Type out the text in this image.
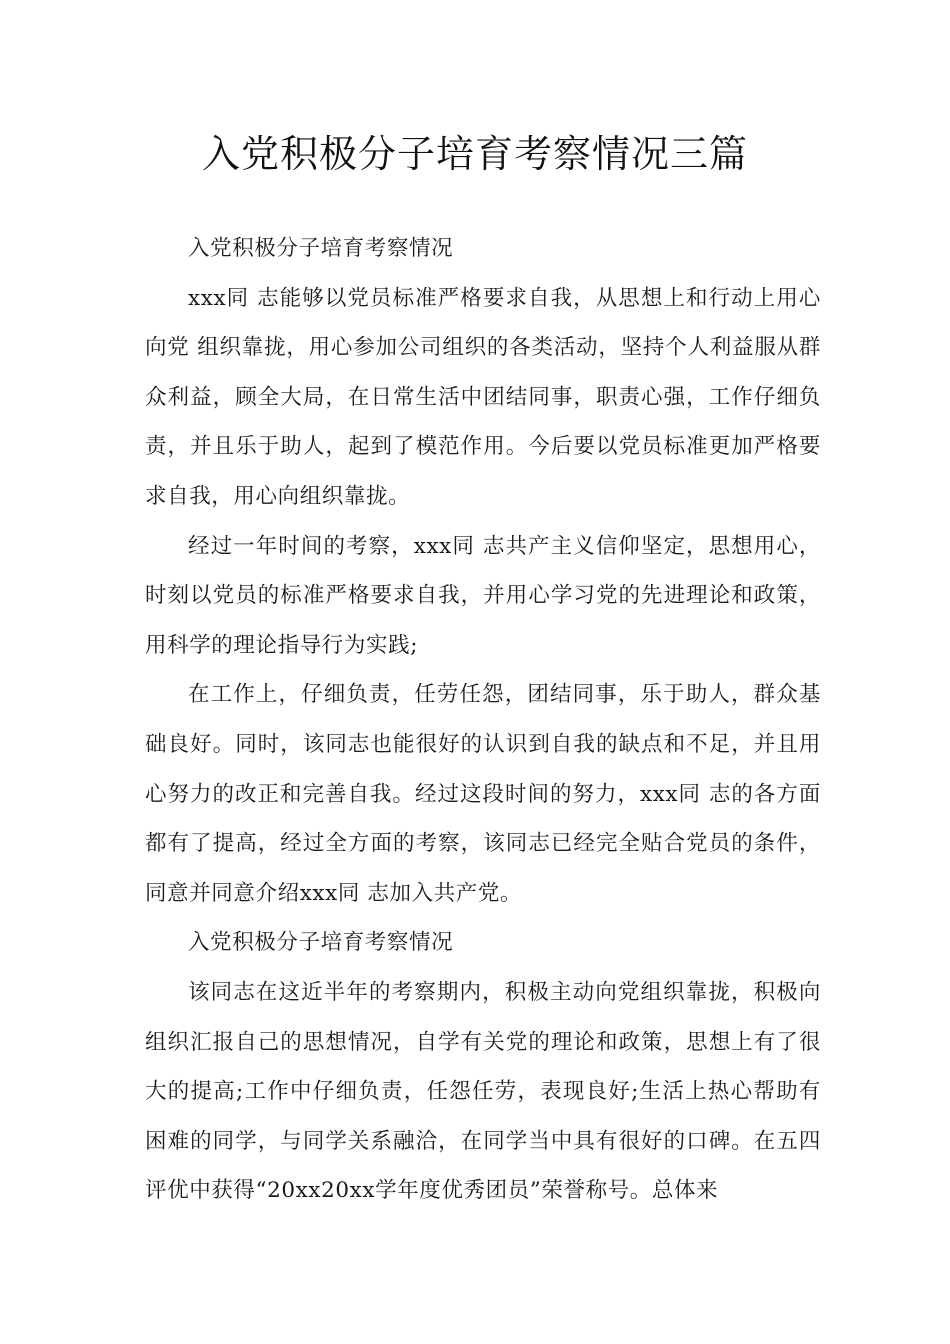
入党积极分子培育考察情况三篇

入党积极分子培育考察情况

xxx同 志能够以党员标准严格要求自我，从思想上和行动上用心向党 组织靠拢，用心参加公司组织的各类活动，坚持个人利益服从群众利益，顾全大局，在日常生活中团结同事，职责心强，工作仔细负责，并且乐于助人，起到了模范作用。今后要以党员标准更加严格要求自我，用心向组织靠拢。

经过一年时间的考察，xxx同 志共产主义信仰坚定，思想用心，时刻以党员的标准严格要求自我，并用心学习党的先进理论和政策，用科学的理论指导行为实践;

在工作上，仔细负责，任劳任怨，团结同事，乐于助人，群众基础良好。同时，该同志也能很好的认识到自我的缺点和不足，并且用心努力的改正和完善自我。经过这段时间的努力，xxx同 志的各方面都有了提高，经过全方面的考察，该同志已经完全贴合党员的条件，同意并同意介绍xxx同 志加入共产党。

入党积极分子培育考察情况

该同志在这近半年的考察期内，积极主动向党组织靠拢，积极向组织汇报自己的思想情况，自学有关党的理论和政策，思想上有了很大的提高;工作中仔细负责，任怨任劳，表现良好;生活上热心帮助有困难的同学，与同学关系融洽，在同学当中具有很好的口碑。在五四评优中获得“20xx20xx学年度优秀团员”荣誉称号。总体来
